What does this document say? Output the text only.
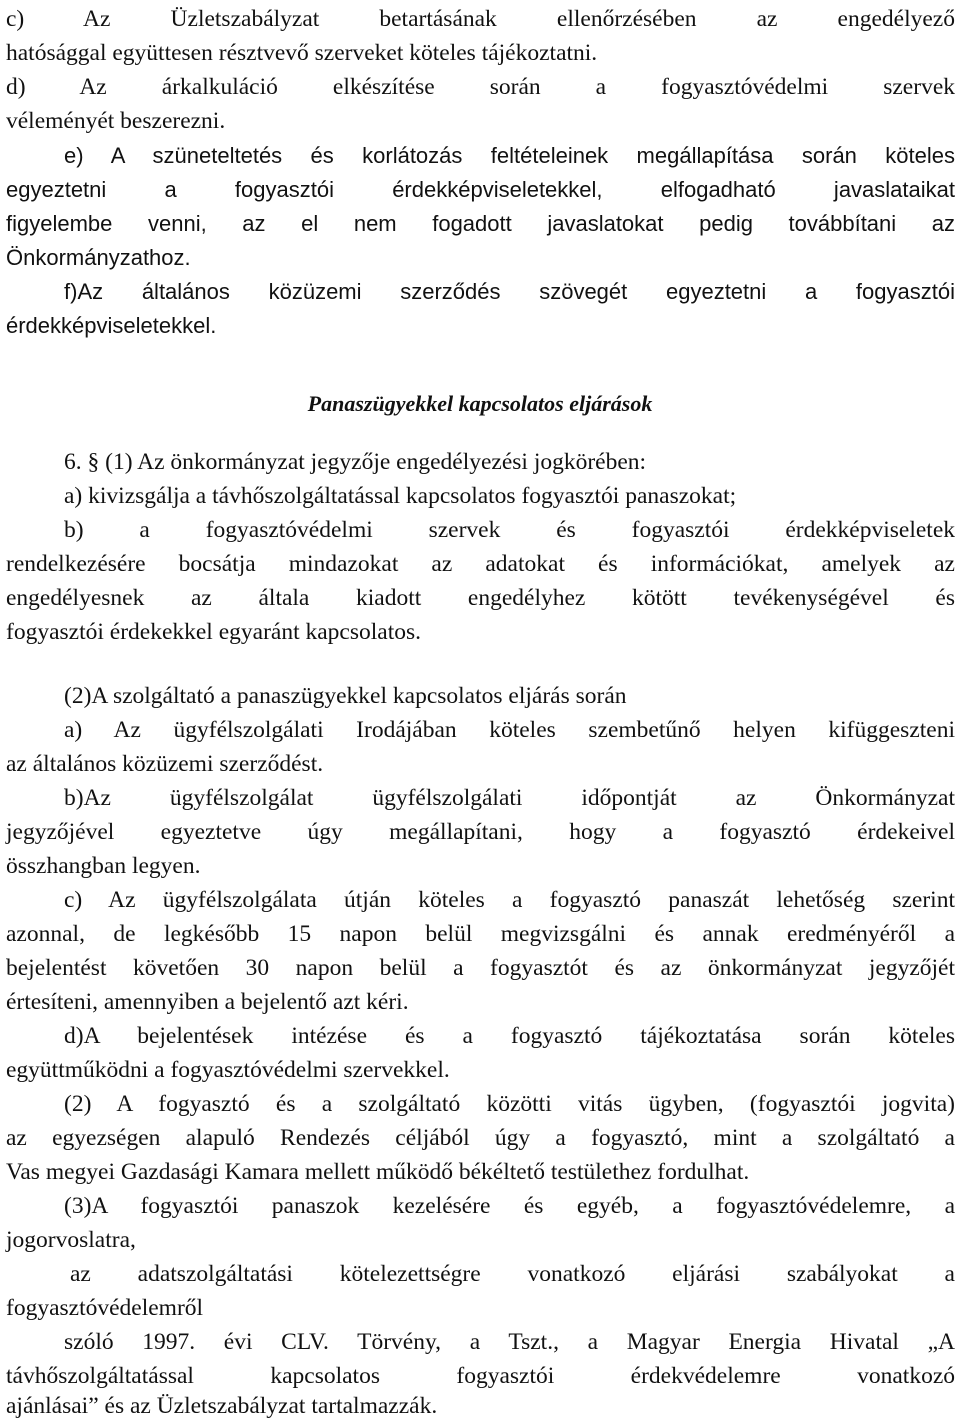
c) Az Üzletszabályzat betartásának ellenőrzésében az engedélyező
hatósággal együttesen résztvevő szerveket köteles tájékoztatni.
d) Az árkalkuláció elkészítése során a fogyasztóvédelmi szervek
véleményét beszerezni.
e) A szüneteltetés és korlátozás feltételeinek megállapítása során köteles
egyeztetni a fogyasztói érdekképviseletekkel, elfogadható javaslataikat
figyelembe venni, az el nem fogadott javaslatokat pedig továbbítani az
Önkormányzathoz.
f)Az általános közüzemi szerződés szövegét egyeztetni a fogyasztói
érdekképviseletekkel.
Panaszügyekkel kapcsolatos eljárások
6. § (1) Az önkormányzat jegyzője engedélyezési jogkörében:
a) kivizsgálja a távhőszolgáltatással kapcsolatos fogyasztói panaszokat;
b) a fogyasztóvédelmi szervek és fogyasztói érdekképviseletek
rendelkezésére bocsátja mindazokat az adatokat és információkat, amelyek az
engedélyesnek az általa kiadott engedélyhez kötött tevékenységével és
fogyasztói érdekekkel egyaránt kapcsolatos.
(2)A szolgáltató a panaszügyekkel kapcsolatos eljárás során
a) Az ügyfélszolgálati Irodájában köteles szembetűnő helyen kifüggeszteni
az általános közüzemi szerződést.
b)Az ügyfélszolgálat ügyfélszolgálati időpontját az Önkormányzat
jegyzőjével egyeztetve úgy megállapítani, hogy a fogyasztó érdekeivel
összhangban legyen.
c) Az ügyfélszolgálata útján köteles a fogyasztó panaszát lehetőség szerint
azonnal, de legkésőbb 15 napon belül megvizsgálni és annak eredményéről a
bejelentést követően 30 napon belül a fogyasztót és az önkormányzat jegyzőjét
értesíteni, amennyiben a bejelentő azt kéri.
d)A bejelentések intézése és a fogyasztó tájékoztatása során köteles
együttműködni a fogyasztóvédelmi szervekkel.
(2) A fogyasztó és a szolgáltató közötti vitás ügyben, (fogyasztói jogvita)
az egyezségen alapuló Rendezés céljából úgy a fogyasztó, mint a szolgáltató a
Vas megyei Gazdasági Kamara mellett működő békéltető testülethez fordulhat.
(3)A fogyasztói panaszok kezelésére és egyéb, a fogyasztóvédelemre, a
jogorvoslatra,
az adatszolgáltatási kötelezettségre vonatkozó eljárási szabályokat a
fogyasztóvédelemről
szóló 1997. évi CLV. Törvény, a Tszt., a Magyar Energia Hivatal „A
távhőszolgáltatással kapcsolatos fogyasztói érdekvédelemre vonatkozó
ajánlásai” és az Üzletszabályzat tartalmazzák.
